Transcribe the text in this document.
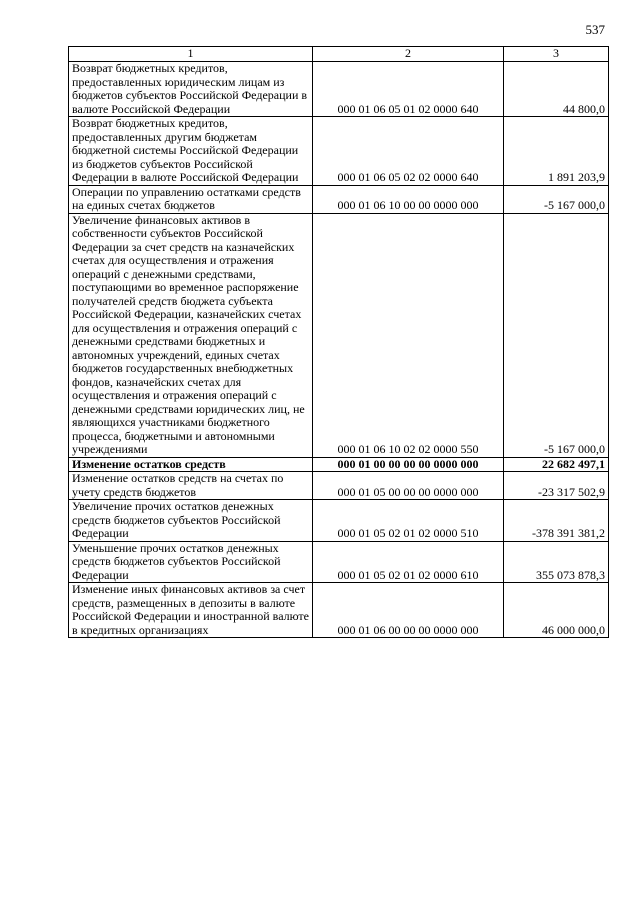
537
1	2	3
Возврат бюджетных кредитов, предоставленных юридическим лицам из бюджетов субъектов Российской Федерации в валюте Российской Федерации	000 01 06 05 01 02 0000 640	44 800,0
Возврат бюджетных кредитов, предоставленных другим бюджетам бюджетной системы Российской Федерации из бюджетов субъектов Российской Федерации в валюте Российской Федерации	000 01 06 05 02 02 0000 640	1 891 203,9
Операции по управлению остатками средств на единых счетах бюджетов	000 01 06 10 00 00 0000 000	-5 167 000,0
Увеличение финансовых активов в собственности субъектов Российской Федерации за счет средств на казначейских счетах для осуществления и отражения операций с денежными средствами, поступающими во временное распоряжение получателей средств бюджета субъекта Российской Федерации, казначейских счетах для осуществления и отражения операций с денежными средствами бюджетных и автономных учреждений, единых счетах бюджетов государственных внебюджетных фондов, казначейских счетах для осуществления и отражения операций с денежными средствами юридических лиц, не являющихся участниками бюджетного процесса, бюджетными и автономными учреждениями	000 01 06 10 02 02 0000 550	-5 167 000,0
Изменение остатков средств	000 01 00 00 00 00 0000 000	22 682 497,1
Изменение остатков средств на счетах по учету средств бюджетов	000 01 05 00 00 00 0000 000	-23 317 502,9
Увеличение прочих остатков денежных средств бюджетов субъектов Российской Федерации	000 01 05 02 01 02 0000 510	-378 391 381,2
Уменьшение прочих остатков денежных средств бюджетов субъектов Российской Федерации	000 01 05 02 01 02 0000 610	355 073 878,3
Изменение иных финансовых активов за счет средств, размещенных в депозиты в валюте Российской Федерации и иностранной валюте в кредитных организациях	000 01 06 00 00 00 0000 000	46 000 000,0
